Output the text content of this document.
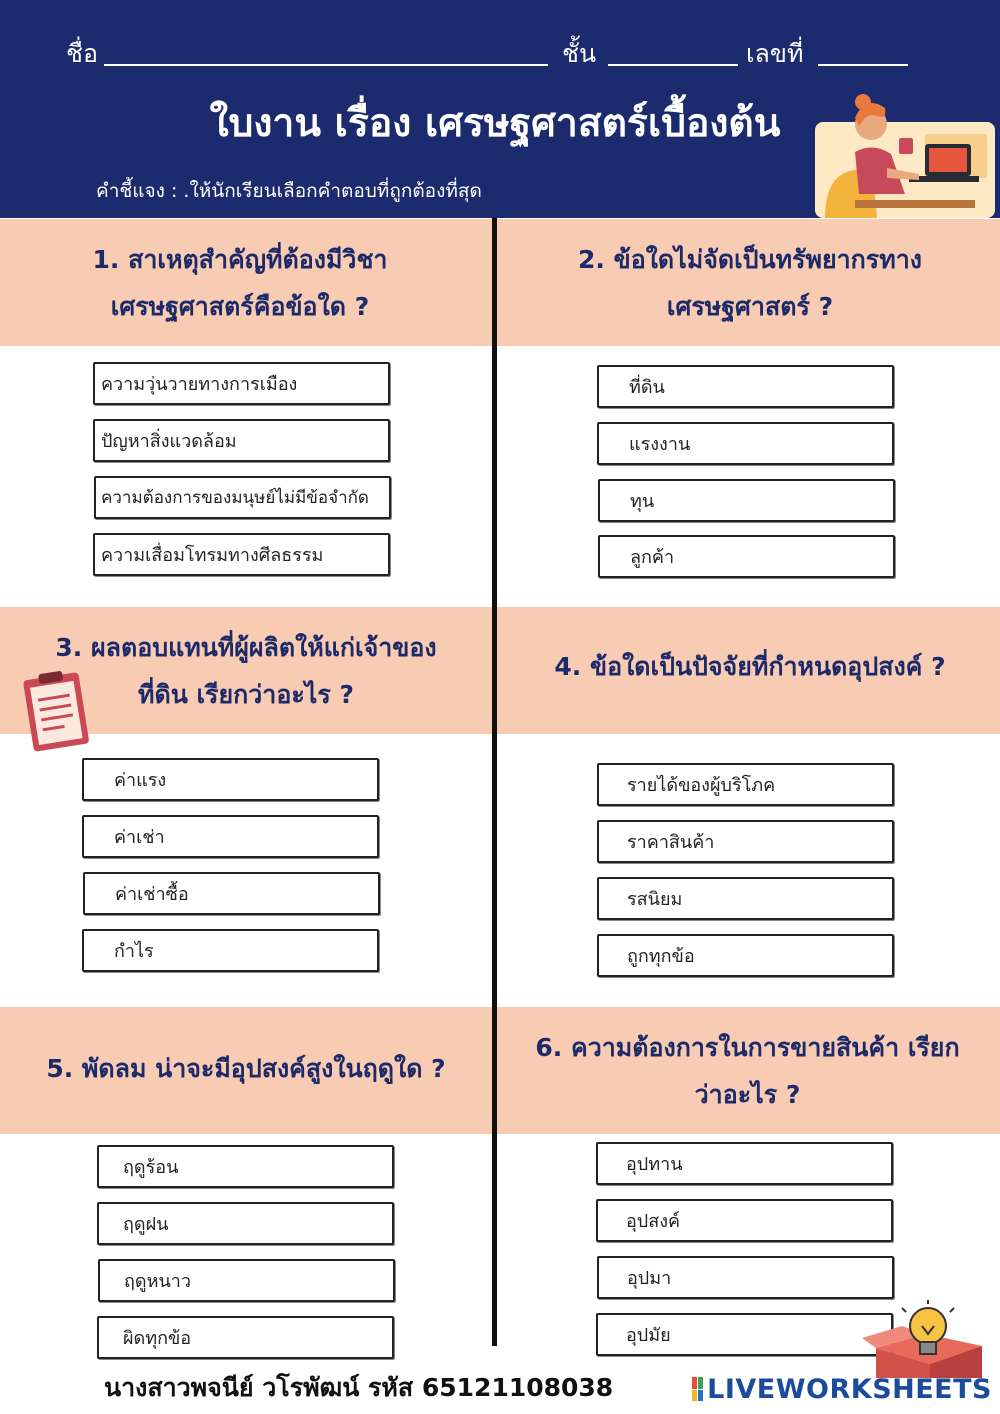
ชื่อ	ชั้น	เลขที่
ใบงาน เรื่อง เศรษฐศาสตร์เบื้องต้น
คำชี้แจง : .ให้นักเรียนเลือกคำตอบที่ถูกต้องที่สุด
1. สาเหตุสำคัญที่ต้องมีวิชา เศรษฐศาสตร์คือข้อใด ?
2. ข้อใดไม่จัดเป็นทรัพยากรทาง เศรษฐศาสตร์ ?
3. ผลตอบแทนที่ผู้ผลิตให้แก่เจ้าของ ที่ดิน เรียกว่าอะไร ?
4. ข้อใดเป็นปัจจัยที่กำหนดอุปสงค์ ?
5. พัดลม น่าจะมีอุปสงค์สูงในฤดูใด ?
6. ความต้องการในการขายสินค้า เรียกว่าอะไร ?
ความวุ่นวายทางการเมือง
ปัญหาสิ่งแวดล้อม
ความต้องการของมนุษย์ไม่มีข้อจำกัด
ความเสื่อมโทรมทางศีลธรรม
ที่ดิน
แรงงาน
ทุน
ลูกค้า
ค่าแรง
ค่าเช่า
ค่าเช่าซื้อ
กำไร
รายได้ของผู้บริโภค
ราคาสินค้า
รสนิยม
ถูกทุกข้อ
ฤดูร้อน
ฤดูฝน
ฤดูหนาว
ผิดทุกข้อ
อุปทาน
อุปสงค์
อุปมา
อุปมัย
นางสาวพจนีย์ วโรพัฒน์ รหัส 65121108038	LIVEWORKSHEETS
